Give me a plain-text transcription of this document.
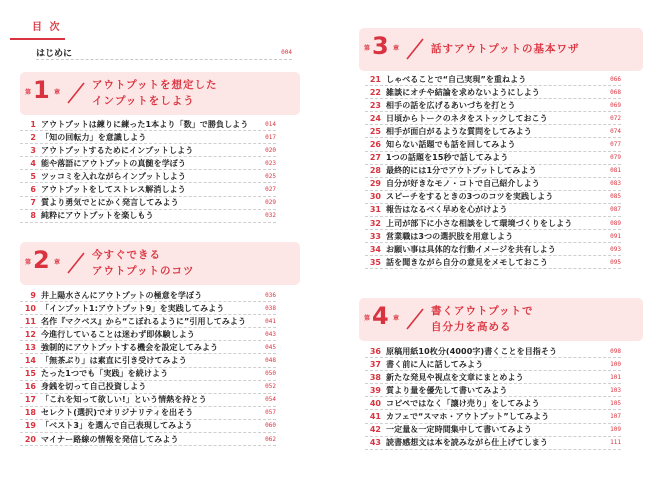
目 次
はじめに	004
第 1 章
アウトプットを想定した
インプットをしよう
1 アウトプットは練りに練った1本より「数」で勝負しよう	014
2 「知の回転力」を意識しよう	017
3 アウトプットするためにインプットしよう	020
4 能や落語にアウトプットの真髄を学ぼう	023
5 ツッコミを入れながらインプットしよう	025
6 アウトプットをしてストレス解消しよう	027
7 質より勇気でとにかく発言してみよう	029
8 純粋にアウトプットを楽しもう	032
第 2 章
今すぐできる
アウトプットのコツ
9 井上陽水さんにアウトプットの極意を学ぼう	036
10 「インプット1:アウトプット9」を実践してみよう	038
11 名作『マクベス』から“こぼれるように”引用してみよう	041
12 今進行していることは迷わず即体験しよう	043
13 強制的にアウトプットする機会を設定してみよう	045
14 「無茶ぶり」は素直に引き受けてみよう	048
15 たった1つでも「実践」を続けよう	050
16 身銭を切って自己投資しよう	052
17 「これを知って欲しい!」という情熱を持とう	054
18 セレクト(選択)でオリジナリティを出そう	057
19 「ベスト3」を選んで自己表現してみよう	060
20 マイナー路線の情報を発信してみよう	062
第 3 章	話すアウトプットの基本ワザ
21 しゃべることで“自己実現”を重ねよう	066
22 雑談にオチや結論を求めないようにしよう	068
23 相手の話を広げるあいづちを打とう	069
24 日頃からトークのネタをストックしておこう	072
25 相手が面白がるような質問をしてみよう	074
26 知らない話題でも話を回してみよう	077
27 1つの話題を15秒で話してみよう	079
28 最終的には1分でアウトプットしてみよう	081
29 自分が好きなモノ・コトで自己紹介しよう	083
30 スピーチをするときの3つのコツを実践しよう	085
31 報告はなるべく早めを心がけよう	087
32 上司が部下に小さな相談をして環境づくりをしよう	089
33 営業職は3つの選択肢を用意しよう	091
34 お願い事は具体的な行動イメージを共有しよう	093
35 話を聞きながら自分の意見をメモしておこう	095
第 4 章
書くアウトプットで
自分力を高める
36 原稿用紙10枚分(4000字)書くことを目指そう	098
37 書く前に人に話してみよう	100
38 新たな発見や視点を文章にまとめよう	101
39 質より量を優先して書いてみよう	103
40 コピペではなく「譲け売り」をしてみよう	105
41 カフェで“スマホ・アウトプット”してみよう	107
42 一定量＆一定時間集中して書いてみよう	109
43 読書感想文は本を読みながら仕上げてしまう	111
